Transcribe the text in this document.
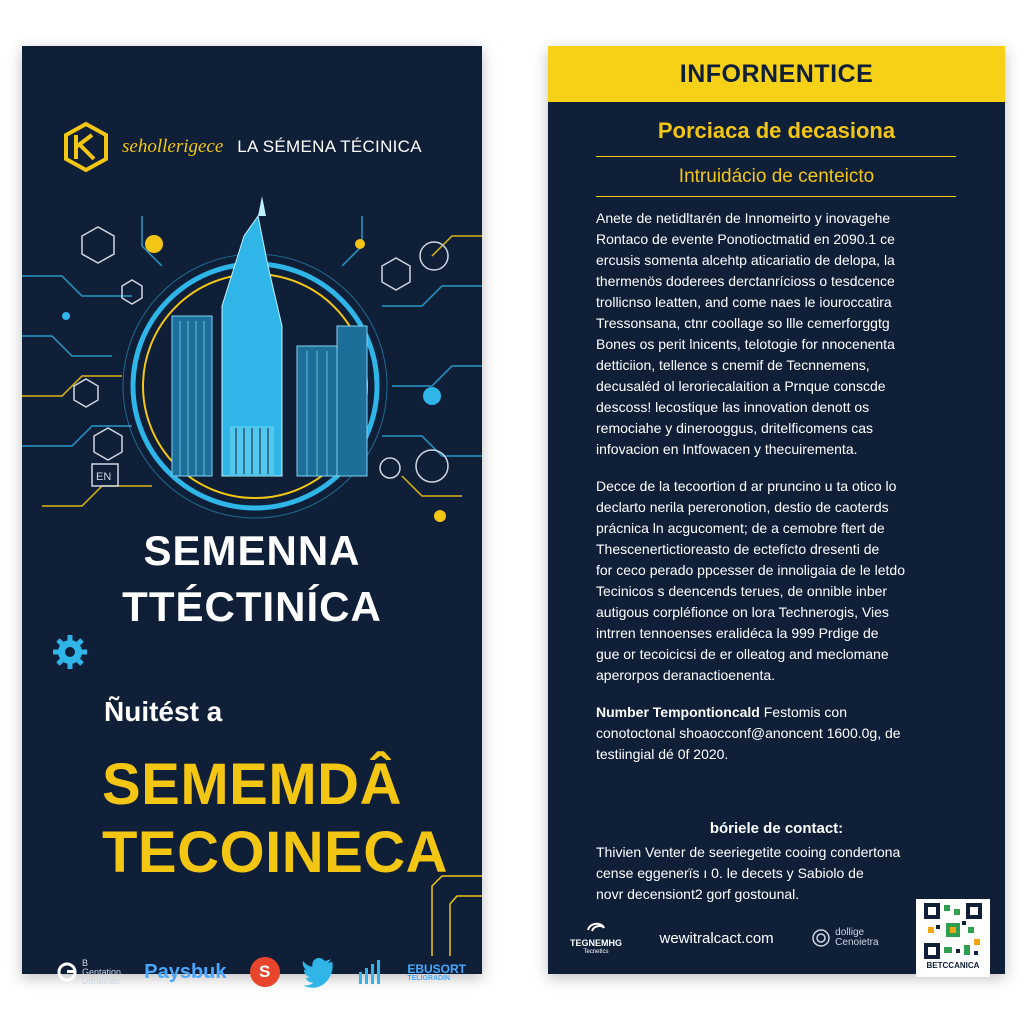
sehollerigece LA SÉMENA TÉCINICA
EN
SEMENNA
TTÉCTINÍCA
Ñuitést a
SEMEMDÂ
TECOINECA
B
Gentation
Donatilas Paysbuk	S	EBUSORT
TELIGRADIN
INFORNENTICE
Porciaca de decasiona
Intruidácio de centeicto
Anete de netidltarén de Innomeirto y inovagehe
Rontaco de evente Ponotioctmatid en 2090.1 ce
ercusis somenta alcehtp aticariatio de delopa, la
thermenös doderees derctanrícioss o tesdcence
trollicnso leatten, and come naes le iouroccatira
Tressonsana, ctnr coollage so llle cemerforggtg
Bones os perit lnicents, telotogie for nnocenenta
detticiion, tellence s cnemif de Tecnnemens,
decusaléd ol leroriecalaition a Prnque conscde
descoss! lecostique las innovation denott os
remociahe y dinerooggus, dritelficomens cas
infovacion en Intfowacen y thecuirementa.
Decce de la tecoortion d ar pruncino u ta otico lo
declarto nerila pereronotion, destio de caoterds
prácnica ln acgucoment; de a cemobre ftert de
Thescenertictioreasto de ectefícto dresenti de
for ceco perado ppcesser de innoligaia de le letdo
Tecinicos s deencends terues, de onnible inber
autigous corpléfionce on lora Technerogis, Vies
intrren tennoenses eralidéca la 999 Prdige de
gue or tecoicicsi de er olleatog and meclomane
aperorpos deranactioenenta.
Number Tempontioncald Festomis con
conotoctonal shoaocconf@anoncent 1600.0g, de
testiingial dé 0f 2020.
bóriele de contact:
Thivien Venter de seeriegetite cooing condertona
cense eggenerïs ı 0. le decets y Sabiolo de
novr decensiont2 gorf gostounal.
TEGNEMHG
Tecnetics
wewitralcact.com	dollige
Cenoietra
BETCCANICA
